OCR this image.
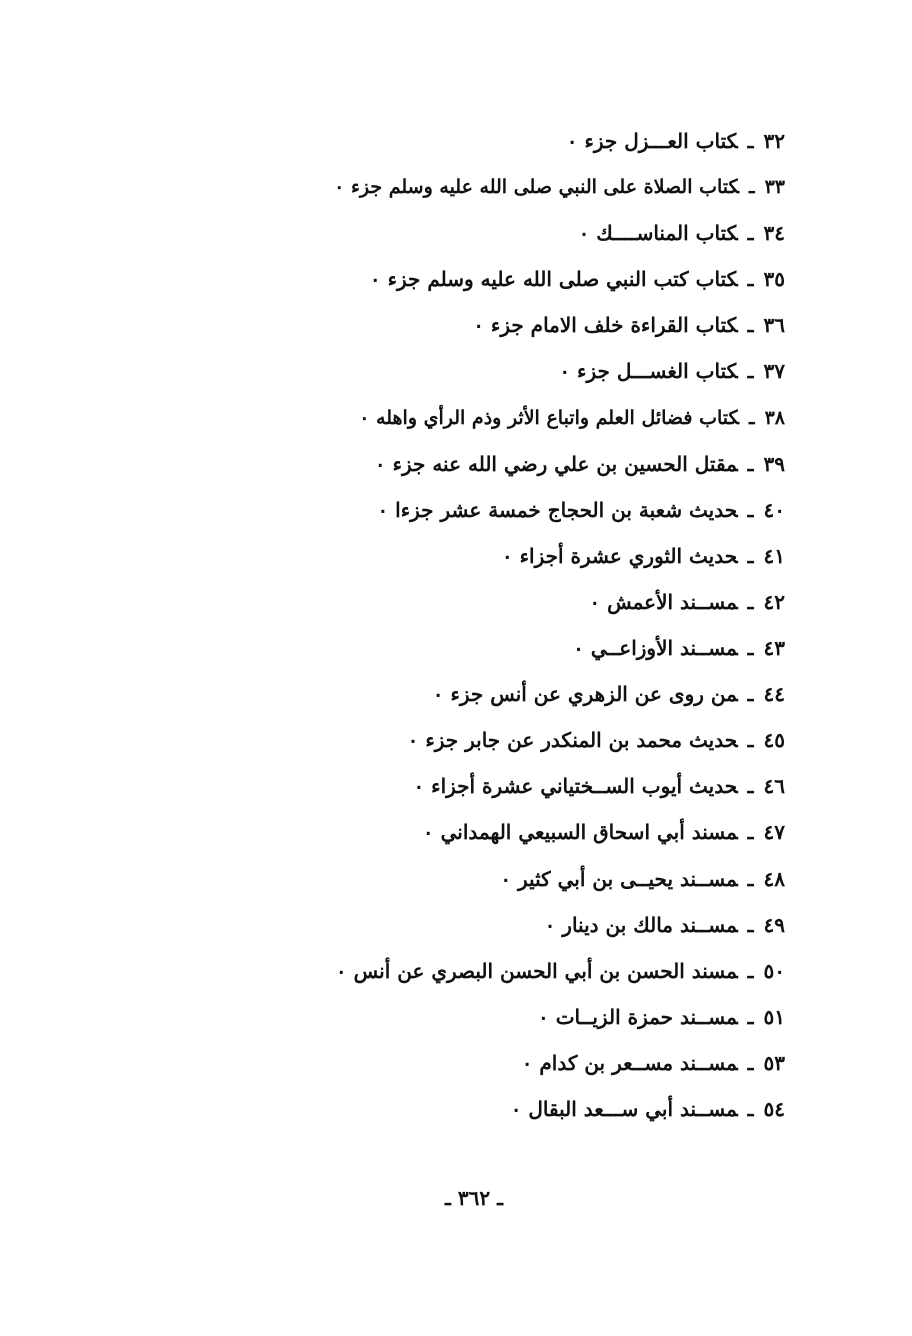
٣٢ـكتاب العـــزل جزء ٠
٣٣ـكتاب الصلاة على النبي صلى الله عليه وسلم جزء ٠
٣٤ـكتاب المناســــك ٠
٣٥ـكتاب كتب النبي صلى الله عليه وسلم جزء ٠
٣٦ـكتاب القراءة خلف الامام جزء ٠
٣٧ـكتاب الغســـل جزء ٠
٣٨ـكتاب فضائل العلم واتباع الأثر وذم الرأي واهله ٠
٣٩ـمقتل الحسين بن علي رضي الله عنه جزء ٠
٤٠ـحديث شعبة بن الحجاج خمسة عشر جزءا ٠
٤١ـحديث الثوري عشرة أجزاء ٠
٤٢ـمســند الأعمش ٠
٤٣ـمســند الأوزاعــي ٠
٤٤ـمن روى عن الزهري عن أنس جزء ٠
٤٥ـحديث محمد بن المنكدر عن جابر جزء ٠
٤٦ـحديث أيوب الســختياني عشرة أجزاء ٠
٤٧ـمسند أبي اسحاق السبيعي الهمداني ٠
٤٨ـمســند يحيــى بن أبي كثير ٠
٤٩ـمســند مالك بن دينار ٠
٥٠ـمسند الحسن بن أبي الحسن البصري عن أنس ٠
٥١ـمســند حمزة الزيــات ٠
٥٣ـمســند مســعر بن كدام ٠
٥٤ـمســند أبي ســـعد البقال ٠
ـ ٣٦٢ ـ
